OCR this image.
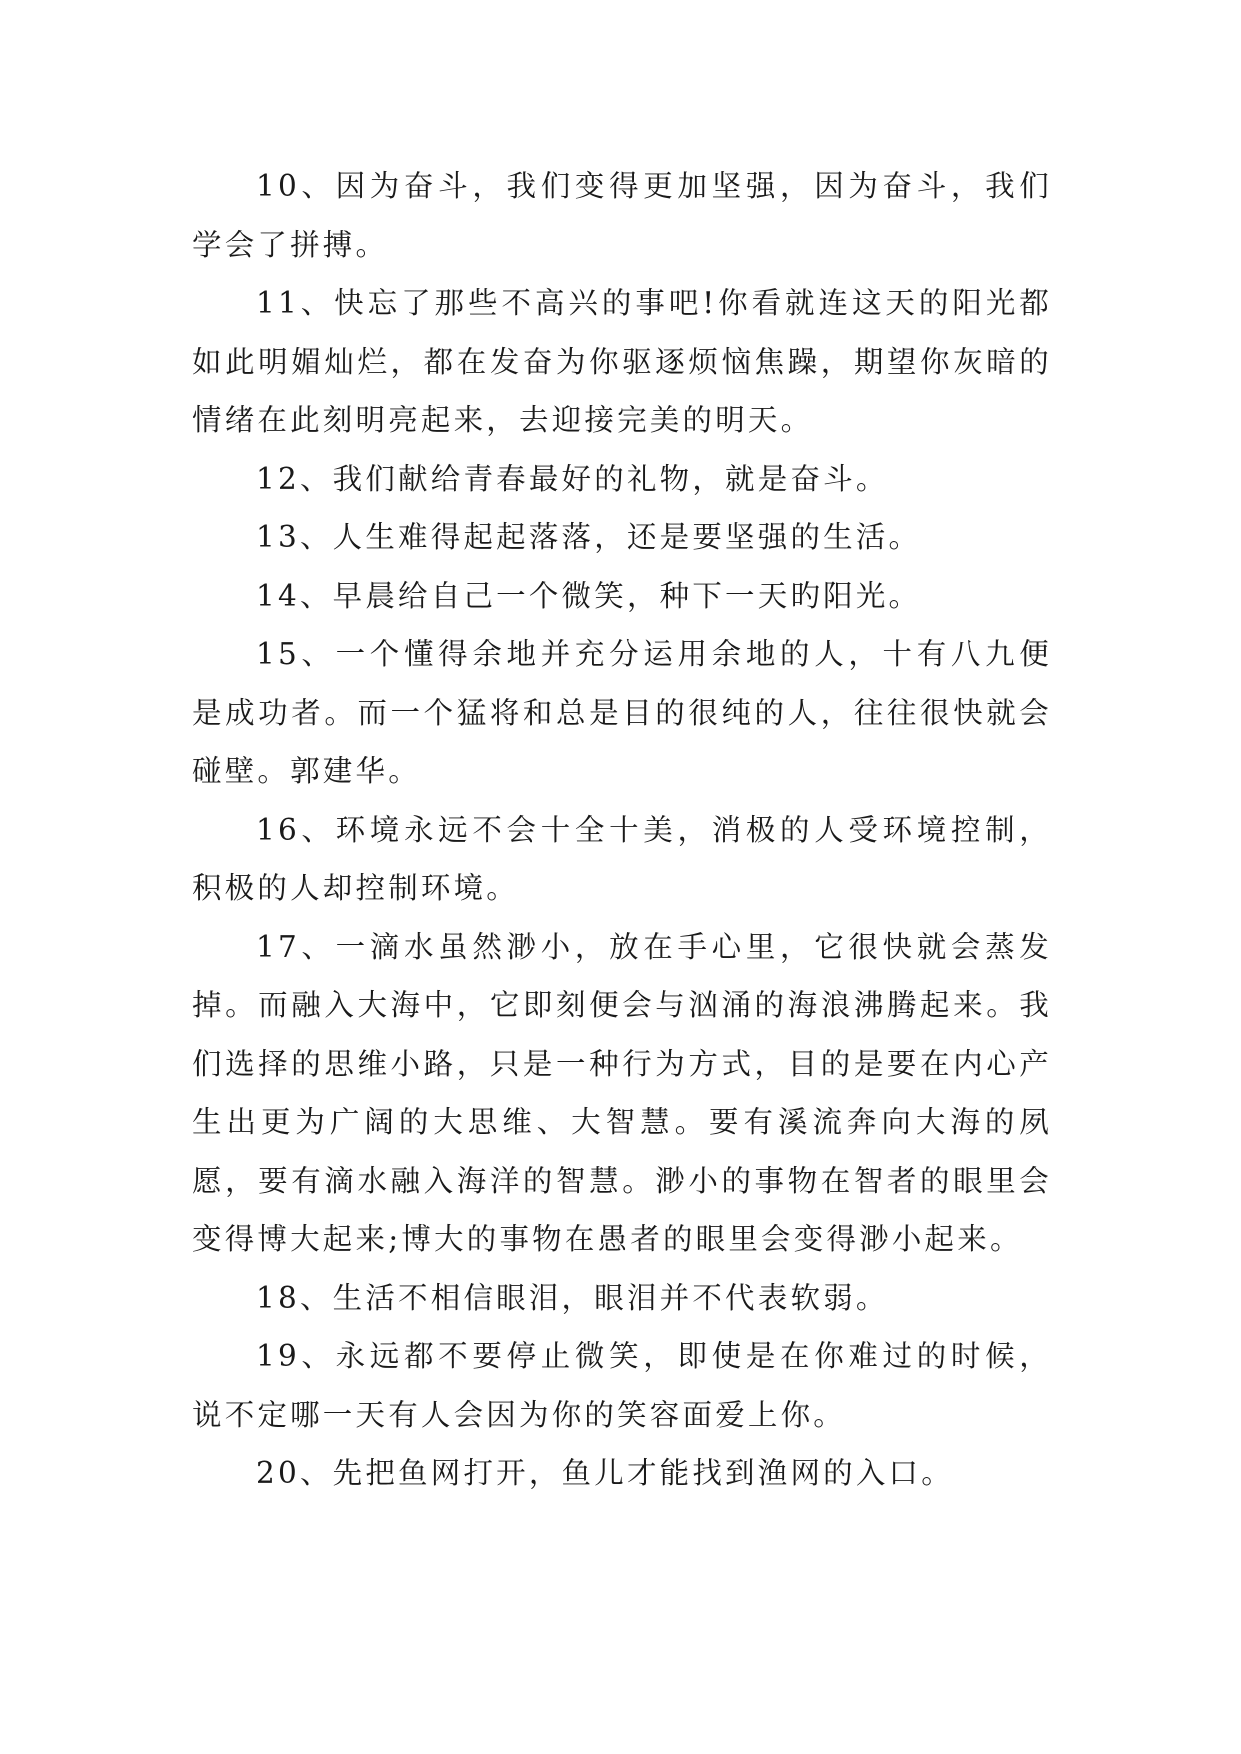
10、因为奋斗，我们变得更加坚强，因为奋斗，我们学会了拼搏。

11、快忘了那些不高兴的事吧!你看就连这天的阳光都如此明媚灿烂，都在发奋为你驱逐烦恼焦躁，期望你灰暗的情绪在此刻明亮起来，去迎接完美的明天。

12、我们献给青春最好的礼物，就是奋斗。

13、人生难得起起落落，还是要坚强的生活。

14、早晨给自己一个微笑，种下一天旳阳光。

15、一个懂得余地并充分运用余地的人，十有八九便是成功者。而一个猛将和总是目的很纯的人，往往很快就会碰壁。郭建华。

16、环境永远不会十全十美，消极的人受环境控制，积极的人却控制环境。

17、一滴水虽然渺小，放在手心里，它很快就会蒸发掉。而融入大海中，它即刻便会与汹涌的海浪沸腾起来。我们选择的思维小路，只是一种行为方式，目的是要在内心产生出更为广阔的大思维、大智慧。要有溪流奔向大海的夙愿，要有滴水融入海洋的智慧。渺小的事物在智者的眼里会变得博大起来;博大的事物在愚者的眼里会变得渺小起来。

18、生活不相信眼泪，眼泪并不代表软弱。

19、永远都不要停止微笑，即使是在你难过的时候，说不定哪一天有人会因为你的笑容面爱上你。

20、先把鱼网打开，鱼儿才能找到渔网的入口。
